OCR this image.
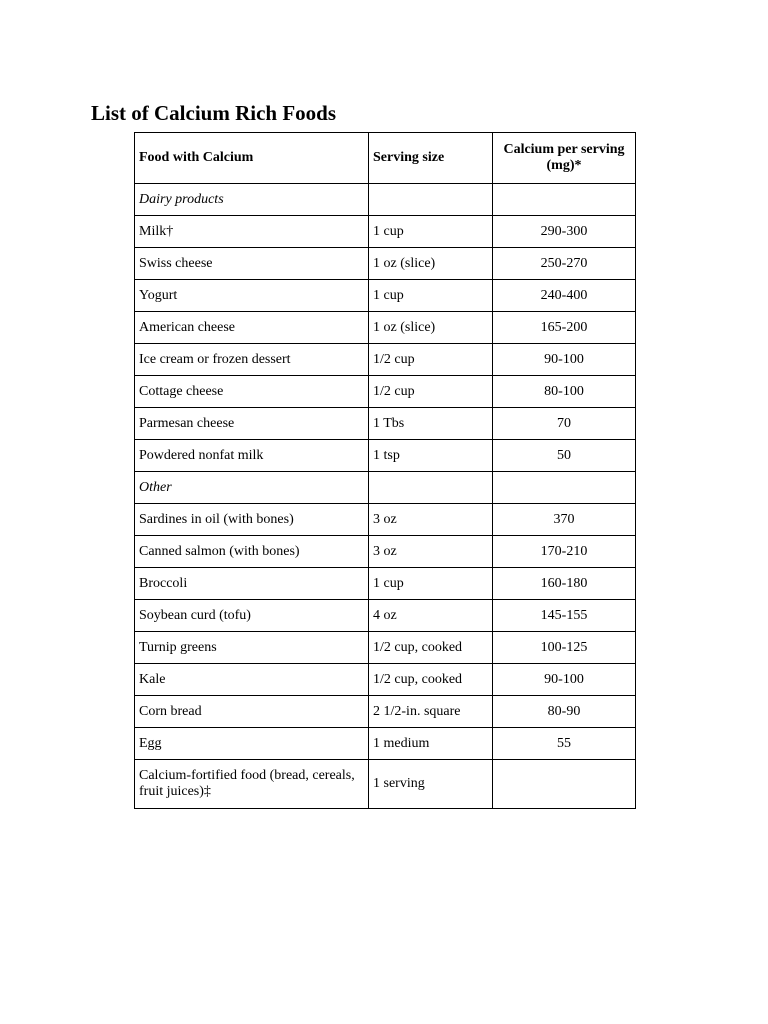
List of Calcium Rich Foods
Food with Calcium	Serving size	Calcium per serving (mg)*
Dairy products		
Milk†	1 cup	290-300
Swiss cheese	1 oz (slice)	250-270
Yogurt	1 cup	240-400
American cheese	1 oz (slice)	165-200
Ice cream or frozen dessert	1/2 cup	90-100
Cottage cheese	1/2 cup	80-100
Parmesan cheese	1 Tbs	70
Powdered nonfat milk	1 tsp	50
Other		
Sardines in oil (with bones)	3 oz	370
Canned salmon (with bones)	3 oz	170-210
Broccoli	1 cup	160-180
Soybean curd (tofu)	4 oz	145-155
Turnip greens	1/2 cup, cooked	100-125
Kale	1/2 cup, cooked	90-100
Corn bread	2 1/2-in. square	80-90
Egg	1 medium	55
Calcium-fortified food (bread, cereals, fruit juices)‡	1 serving	
